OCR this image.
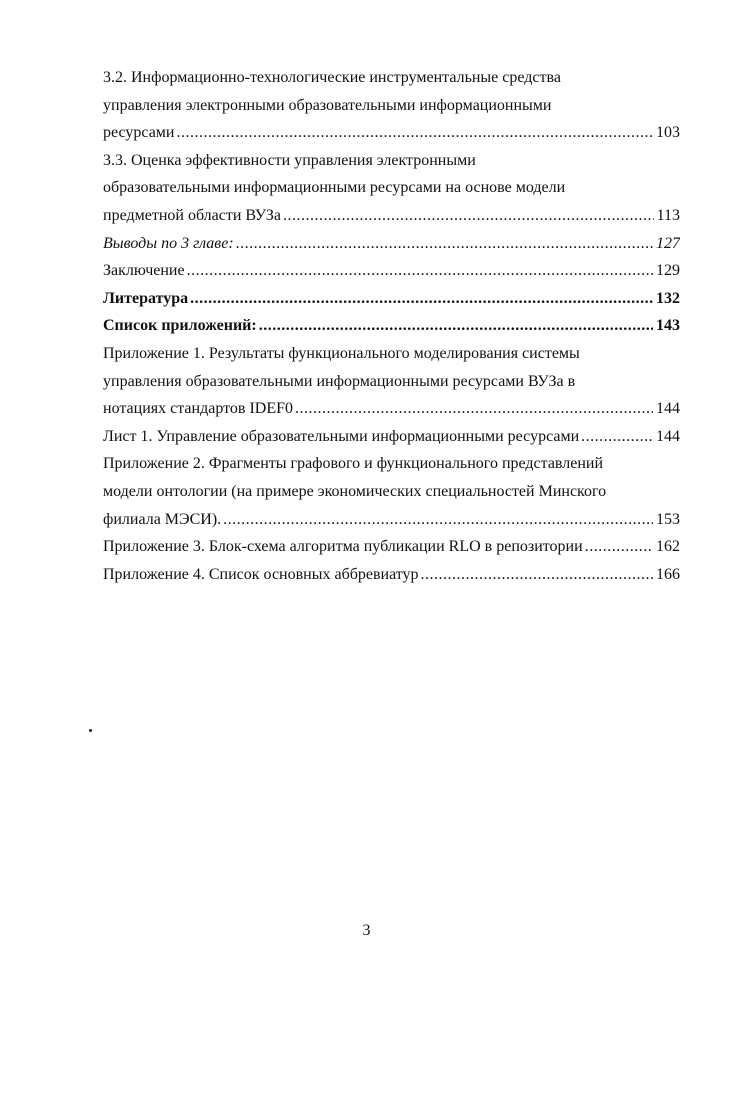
3.2. Информационно-технологические инструментальные средства
управления электронными образовательными информационными
ресурсами .....	103
3.3. Оценка эффективности управления электронными
образовательными информационными ресурсами на основе модели
предметной области ВУЗа .....	113
Выводы по 3 главе: .....	127
Заключение .....	129
Литература .....	132
Список приложений: .....	143
Приложение 1. Результаты функционального моделирования системы
управления образовательными информационными ресурсами ВУЗа в
нотациях стандартов IDEF0 .....	144
Лист 1. Управление образовательными информационными ресурсами .....	144
Приложение 2. Фрагменты графового и функционального представлений
модели онтологии (на примере экономических специальностей Минского
филиала МЭСИ). .....	153
Приложение 3. Блок-схема алгоритма публикации RLO в репозитории .....	162
Приложение 4. Список основных аббревиатур .....	166
3
